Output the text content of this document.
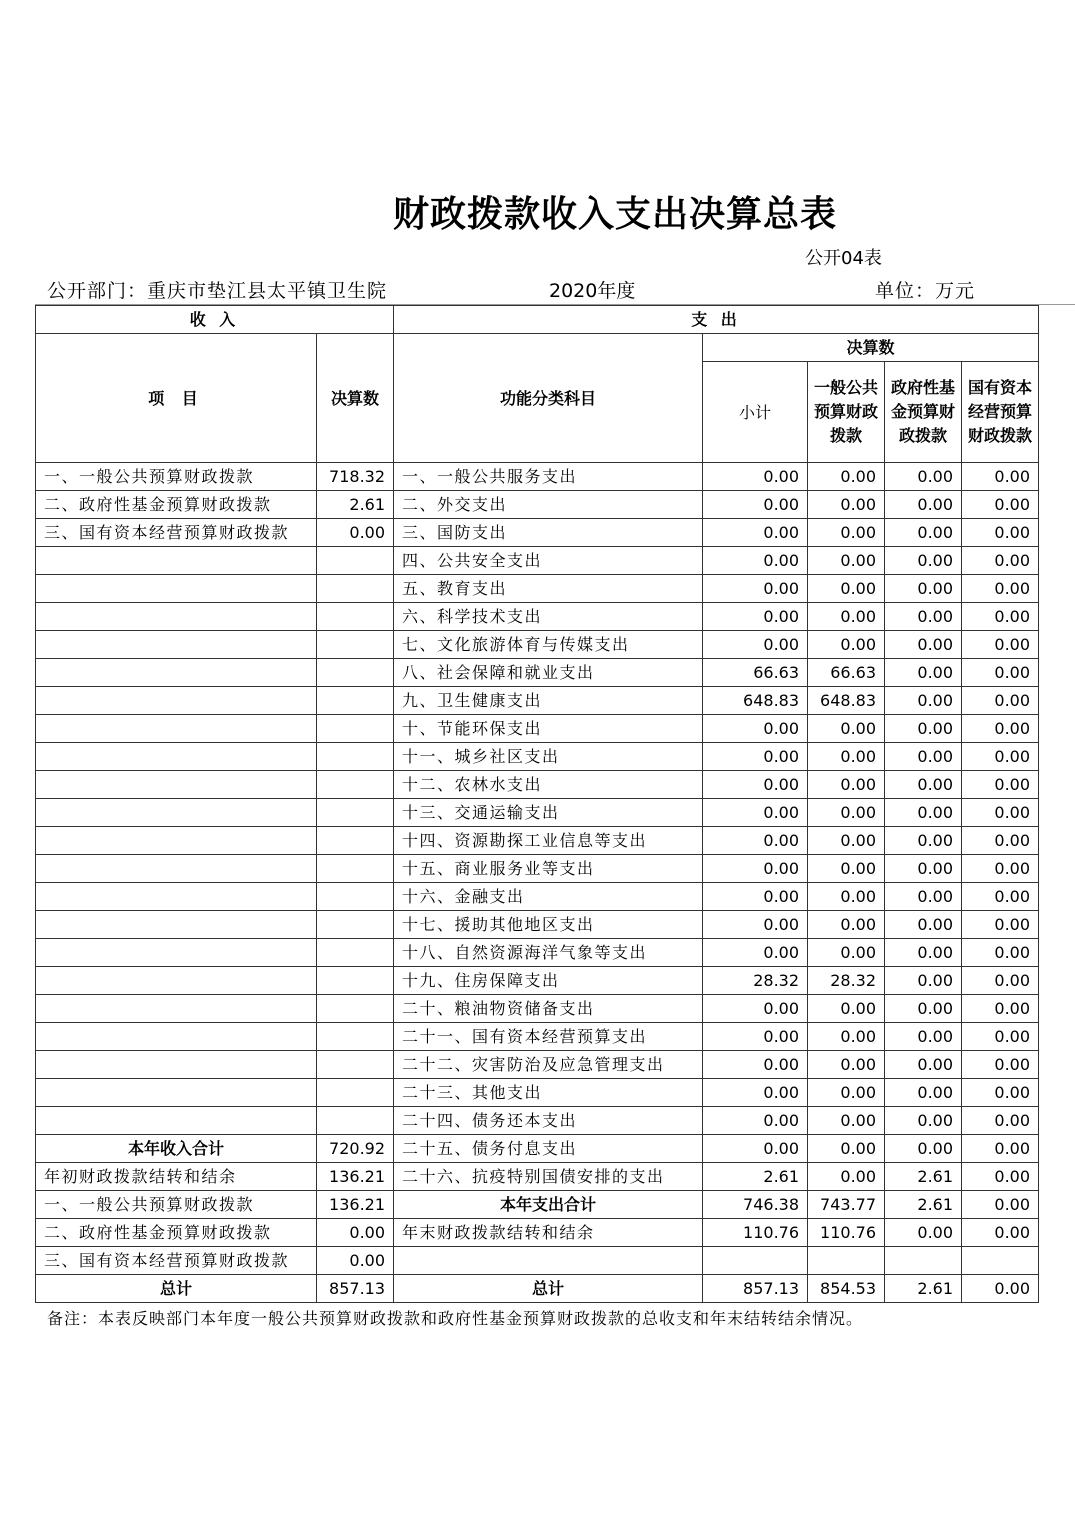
财政拨款收入支出决算总表
公开04表
公开部门：重庆市垫江县太平镇卫生院	2020年度	单位：万元
收 入		支 出				
项 目	决算数	功能分类科目	决算数			
			小计	一般公共预算财政拨款	政府性基金预算财政拨款	国有资本经营预算财政拨款
一、一般公共预算财政拨款	718.32	一、一般公共服务支出	0.00	0.00	0.00	0.00
二、政府性基金预算财政拨款	2.61	二、外交支出	0.00	0.00	0.00	0.00
三、国有资本经营预算财政拨款	0.00	三、国防支出	0.00	0.00	0.00	0.00
		四、公共安全支出	0.00	0.00	0.00	0.00
		五、教育支出	0.00	0.00	0.00	0.00
		六、科学技术支出	0.00	0.00	0.00	0.00
		七、文化旅游体育与传媒支出	0.00	0.00	0.00	0.00
		八、社会保障和就业支出	66.63	66.63	0.00	0.00
		九、卫生健康支出	648.83	648.83	0.00	0.00
		十、节能环保支出	0.00	0.00	0.00	0.00
		十一、城乡社区支出	0.00	0.00	0.00	0.00
		十二、农林水支出	0.00	0.00	0.00	0.00
		十三、交通运输支出	0.00	0.00	0.00	0.00
		十四、资源勘探工业信息等支出	0.00	0.00	0.00	0.00
		十五、商业服务业等支出	0.00	0.00	0.00	0.00
		十六、金融支出	0.00	0.00	0.00	0.00
		十七、援助其他地区支出	0.00	0.00	0.00	0.00
		十八、自然资源海洋气象等支出	0.00	0.00	0.00	0.00
		十九、住房保障支出	28.32	28.32	0.00	0.00
		二十、粮油物资储备支出	0.00	0.00	0.00	0.00
		二十一、国有资本经营预算支出	0.00	0.00	0.00	0.00
		二十二、灾害防治及应急管理支出	0.00	0.00	0.00	0.00
		二十三、其他支出	0.00	0.00	0.00	0.00
		二十四、债务还本支出	0.00	0.00	0.00	0.00
本年收入合计	720.92	二十五、债务付息支出	0.00	0.00	0.00	0.00
年初财政拨款结转和结余	136.21	二十六、抗疫特别国债安排的支出	2.61	0.00	2.61	0.00
一、一般公共预算财政拨款	136.21	本年支出合计	746.38	743.77	2.61	0.00
二、政府性基金预算财政拨款	0.00	年末财政拨款结转和结余	110.76	110.76	0.00	0.00
三、国有资本经营预算财政拨款	0.00					
总计	857.13	总计	857.13	854.53	2.61	0.00
备注：本表反映部门本年度一般公共预算财政拨款和政府性基金预算财政拨款的总收支和年末结转结余情况。
